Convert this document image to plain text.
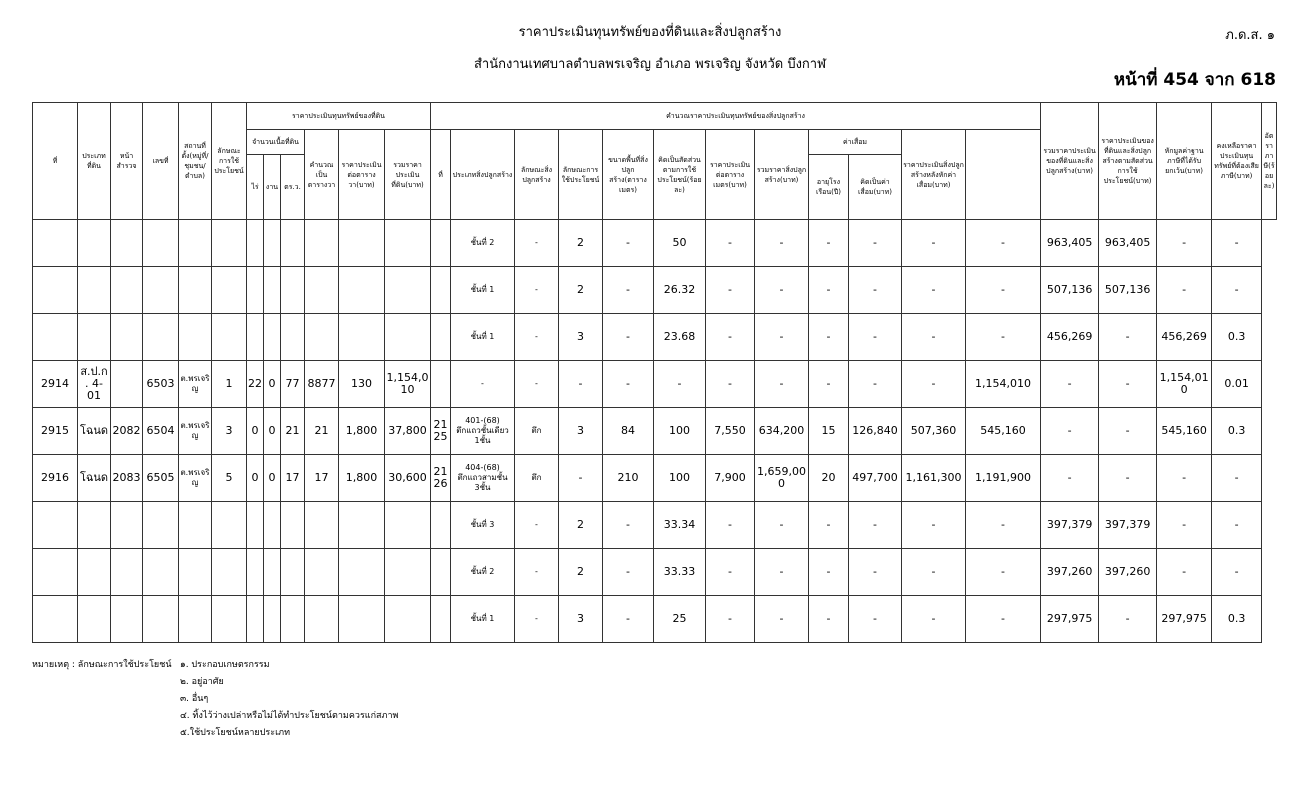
ราคาประเมินทุนทรัพย์ของที่ดินและสิ่งปลูกสร้าง
สำนักงานเทศบาลตำบลพรเจริญ อำเภอ พรเจริญ จังหวัด บึงกาฬ
ภ.ด.ส. ๑
หน้าที่ 454 จาก 618
ที่	ประเภทที่ดิน	หน้าสำรวจ	เลขที่	สถานที่ตั้ง(หมู่ที่/ชุมชน/ตำบล)	ลักษณะการใช้ประโยชน์	ราคาประเมินทุนทรัพย์ของที่ดิน						คำนวณราคาประเมินทุนทรัพย์ของสิ่งปลูกสร้าง												รวมราคาประเมินของที่ดินและสิ่งปลูกสร้าง(บาท)	ราคาประเมินของที่ดินและสิ่งปลูกสร้างตามสัดส่วนการใช้ประโยชน์(บาท)	หักมูลค่าฐานภาษีที่ได้รับยกเว้น(บาท)	คงเหลือราคาประเมินทุนทรัพย์ที่ต้องเสียภาษี(บาท)	อัตราภาษี(ร้อยละ)
						จำนวนเนื้อที่ดิน			คำนวณเป็นตารางวา	ราคาประเมินต่อตารางวา(บาท)	รวมราคาประเมินที่ดิน(บาท)	ที่	ประเภทสิ่งปลูกสร้าง	ลักษณะสิ่งปลูกสร้าง	ลักษณะการใช้ประโยชน์	ขนาดพื้นที่สิ่งปลูกสร้าง(ตารางเมตร)	คิดเป็นสัดส่วนตามการใช้ประโยชน์(ร้อยละ)	ราคาประเมินต่อตารางเมตร(บาท)	รวมราคาสิ่งปลูกสร้าง(บาท)	ค่าเสื่อม		ราคาประเมินสิ่งปลูกสร้างหลังหักค่าเสื่อม(บาท)						
						ไร่	งาน	ตร.ว.												อายุโรงเรือน(ปี)	คิดเป็นค่าเสื่อม(บาท)							
													ชั้นที่ 2	-	2	-	50	-	-	-	-	-	-	963,405	963,405	-	-	
													ชั้นที่ 1	-	2	-	26.32	-	-	-	-	-	-	507,136	507,136	-	-	
													ชั้นที่ 1	-	3	-	23.68	-	-	-	-	-	-	456,269	-	456,269	0.3	
2914	ส.ป.ก. 4-01		6503	ต.พรเจริญ	1	22	0	77	8877	130	1,154,010		-	-	-	-	-	-	-	-	-	-	1,154,010	-	-	1,154,010	0.01	
2915	โฉนด	2082	6504	ต.พรเจริญ	3	0	0	21	21	1,800	37,800	2125	401-(68) ตึกแถวชั้นเดียว 1ชั้น	ตึก	3	84	100	7,550	634,200	15	126,840	507,360	545,160	-	-	545,160	0.3	
2916	โฉนด	2083	6505	ต.พรเจริญ	5	0	0	17	17	1,800	30,600	2126	404-(68) ตึกแถวสามชั้น 3ชั้น	ตึก	-	210	100	7,900	1,659,000	20	497,700	1,161,300	1,191,900	-	-	-	-	
													ชั้นที่ 3	-	2	-	33.34	-	-	-	-	-	-	397,379	397,379	-	-	
													ชั้นที่ 2	-	2	-	33.33	-	-	-	-	-	-	397,260	397,260	-	-	
													ชั้นที่ 1	-	3	-	25	-	-	-	-	-	-	297,975	-	297,975	0.3	
หมายเหตุ : ลักษณะการใช้ประโยชน์ ๑. ประกอบเกษตรกรรม
๒. อยู่อาศัย
๓. อื่นๆ
๔. ทิ้งไว้ว่างเปล่าหรือไม่ได้ทำประโยชน์ตามควรแก่สภาพ
๕.ใช้ประโยชน์หลายประเภท
